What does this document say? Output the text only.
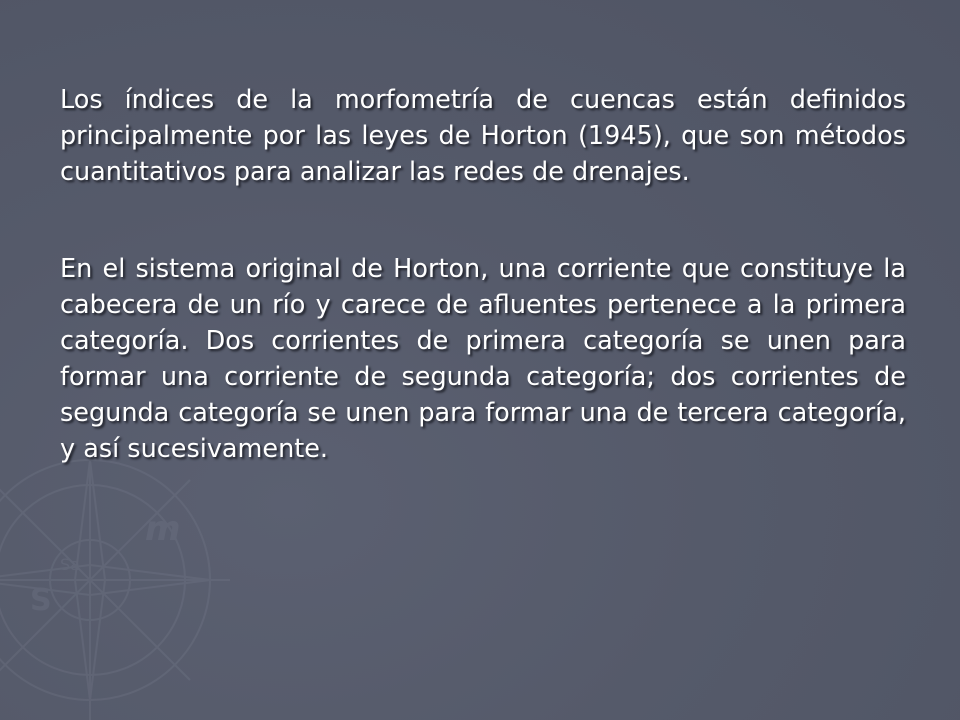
m
S
Sa

Los índices de la morfometría de cuencas están definidos principalmente por las leyes de Horton (1945), que son métodos cuantitativos para analizar las redes de drenajes.

En el sistema original de Horton, una corriente que constituye la cabecera de un río y carece de afluentes pertenece a la primera categoría. Dos corrientes de primera categoría se unen para formar una corriente de segunda categoría; dos corrientes de segunda categoría se unen para formar una de tercera categoría, y así sucesivamente.
